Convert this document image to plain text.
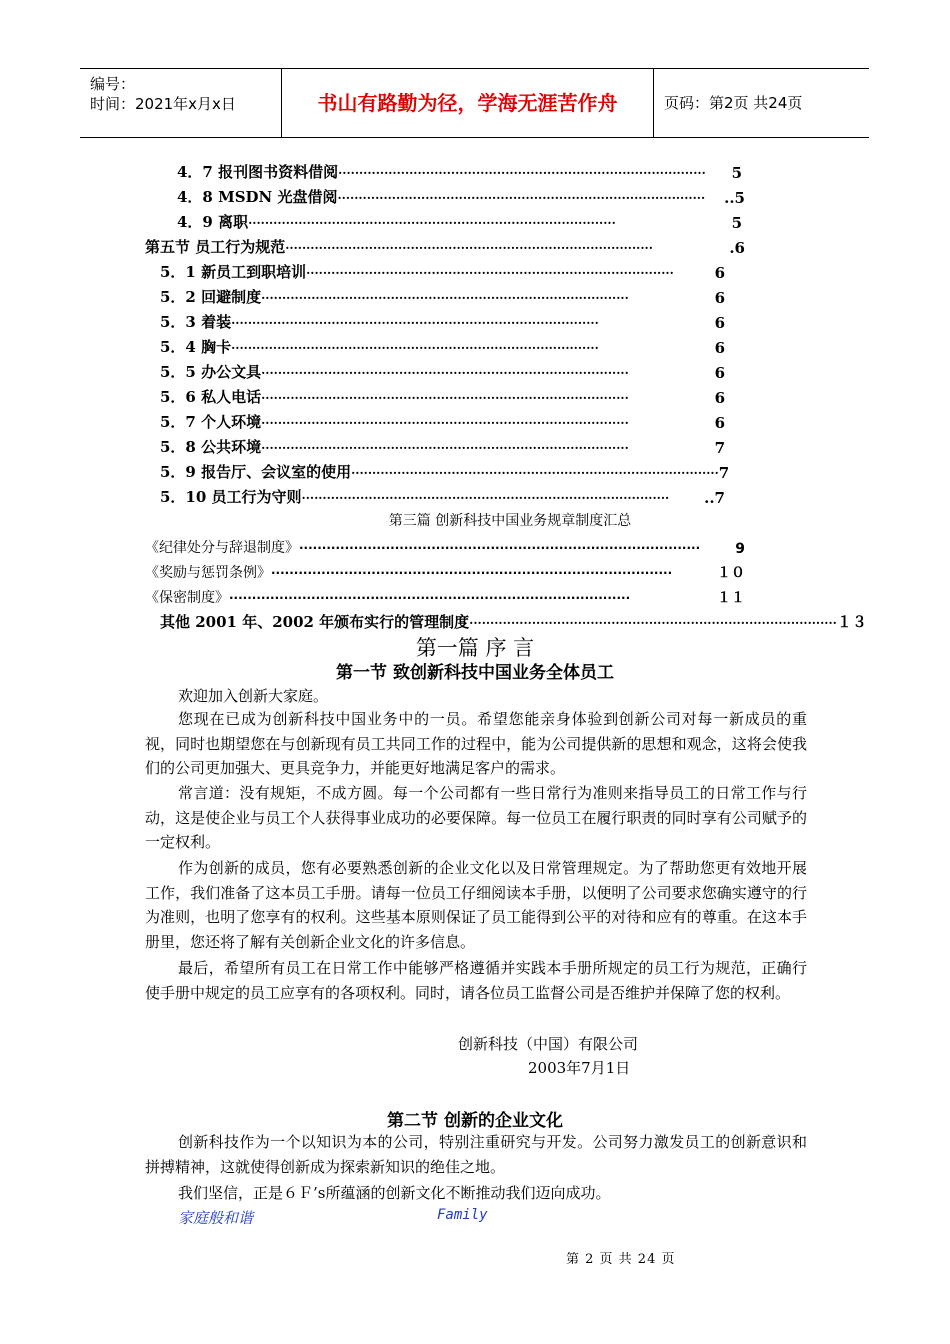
编号：
时间：2021年x月x日	书山有路勤为径，学海无涯苦作舟	页码：第2页 共24页
4．7 报刊图书资料借阅 ························································································	5
4．8 MSDN 光盘借阅 ························································································	..5
4．9 离职 ························································································	5
第五节 员工行为规范 ························································································	.6
5．1 新员工到职培训 ························································································	6
5．2 回避制度 ························································································	6
5．3 着装 ························································································	6
5．4 胸卡 ························································································	6
5．5 办公文具 ························································································	6
5．6 私人电话 ························································································	6
5．7 个人环境 ························································································	6
5．8 公共环境 ························································································	7
5．9 报告厅、会议室的使用 ························································································ 7
5．10 员工行为守则 ························································································	..7
第三篇 创新科技中国业务规章制度汇总
《纪律处分与辞退制度》 ························································································	9
《奖励与惩罚条例》 ························································································	１０
《保密制度》 ························································································	１１
其他 2001 年、2002 年颁布实行的管理制度 ························································································ １３
第一篇 序 言
第一节 致创新科技中国业务全体员工
欢迎加入创新大家庭。
您现在已成为创新科技中国业务中的一员。希望您能亲身体验到创新公司对每一新成员的重视，同时也期望您在与创新现有员工共同工作的过程中，能为公司提供新的思想和观念，这将会使我们的公司更加强大、更具竞争力，并能更好地满足客户的需求。
常言道：没有规矩，不成方圆。每一个公司都有一些日常行为准则来指导员工的日常工作与行动，这是使企业与员工个人获得事业成功的必要保障。每一位员工在履行职责的同时享有公司赋予的一定权利。
作为创新的成员，您有必要熟悉创新的企业文化以及日常管理规定。为了帮助您更有效地开展工作，我们准备了这本员工手册。请每一位员工仔细阅读本手册，以便明了公司要求您确实遵守的行为准则，也明了您享有的权利。这些基本原则保证了员工能得到公平的对待和应有的尊重。在这本手册里，您还将了解有关创新企业文化的许多信息。
最后，希望所有员工在日常工作中能够严格遵循并实践本手册所规定的员工行为规范，正确行使手册中规定的员工应享有的各项权利。同时，请各位员工监督公司是否维护并保障了您的权利。
创新科技（中国）有限公司
2003年7月1日
第二节 创新的企业文化
创新科技作为一个以知识为本的公司，特别注重研究与开发。公司努力激发员工的创新意识和拼搏精神，这就使得创新成为探索新知识的绝佳之地。
我们坚信，正是６Ｆ’s所蕴涵的创新文化不断推动我们迈向成功。
家庭般和谐	Family
第 2 页 共 24 页
